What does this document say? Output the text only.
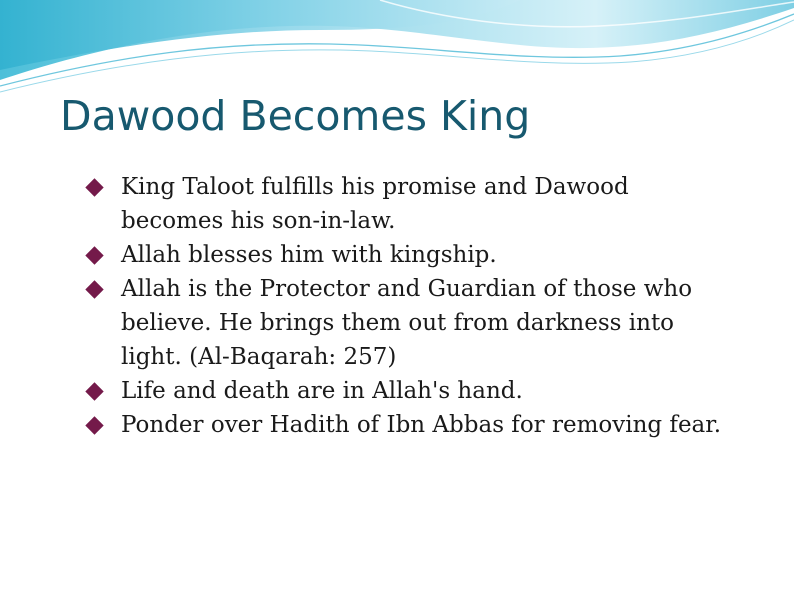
Dawood Becomes King
King Taloot fulfills his promise and Dawood becomes his son-in-law.
Allah blesses him with kingship.
Allah is the Protector and Guardian of those who believe. He brings them out from darkness into light. (Al-Baqarah: 257)
Life and death are in Allah's hand.
Ponder over Hadith of Ibn Abbas for removing fear.
